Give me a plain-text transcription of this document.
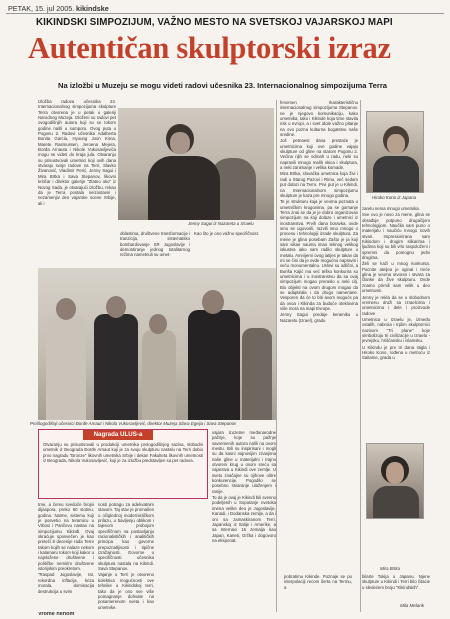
PETAK, 15. jul 2005. kikindske
KIKINDSKI SIMPOZIJUM, VAŽNO MESTO NA SVETSKOJ VAJARSKOJ MAPI
Autentičan skulptorski izraz
Na izložbi u Muzeju se mogu videti radovi učesnika 23. Internacionalnog simpozijuma Terra

Izložba radova učesnika 23. Internacionalnog simpozijuma skulpture Terra otvorena je u petak u galeriji Narodnog Muzeja. Izloženi su radovi pet ovogodišnjih autora koji su se tokom godine našli u sumporu. Ovog puta u Pogonu 2. Radovi učesnika Adalberta Bonita Garcia, Hyoung Joon Kima, Marete Rasmussen, Jeroena Mejera, Đorđa Arnauta i Nikole Vukosavljevića mogu se videti do kraja jula. Otvaranju su prisustvovali umetnici koji ovih dana stvaraju svoje radove na Terri, Slavko Živanović, Vladimir Perić, Jenny Sagui i Mira Brtka i Sava Stepanov, likovni kritičar i direktor galerije "Zlatno oko" iz Novog Sada, je otvarajući izložbu, rekao da je Terra postala neizostavni i nezamenjiv deo vajarske scene Srbije, ali i

Jenny Sagui iz Nazareta u Izraelu

oblastima, društvene transformacije i tranzicija, sistematsko bombardovanje SR Jugoslavije i demontiranje jednog totalitarnog režima nametnuli su umet-

Kao što je ono važnu specifičnost.

fenomen Ikarakterističnu internacionalnog simpozijuma Stepanov. ne je njegovo komunikaciju, kako umetnika, tako i Kikinde koja time stavila risk u evropi, a i svet idole važno pitanje na ovo pozna kulturna bogatstvu naše sredine.

Još petnaest dana prestaće je umetnicima koji ove godine vajaju skulpture od gline na starom Pogonu 2. Većina njih se odmah u radu, neki su napravili mnogo malih skica i skulptura, a neki zanimanje i velika komade.

Mira Brtka, slovačka umetnica koja živi i radi u Starog Pazovi i Rimu, već sedam put dolazi na Terru. Prvi put je u Kikindi, na Internacionalnom simpozijumu skulpture je kaza pre mnogo godina.

Te je strukturu koja je veoma poznata u umetničkim krugovima, pa se gomanje Terra znai se da je je dobro organizovan simpozijum na koji dolaze i umetnici iz inostranstva. Prvih dana boravka, ovde smo se ugovorili, razvili smo mnogo o procesu i tehnologiji izrade skulptura. Za mene je glina posebam Zašto je ja koji sam sikae nauma imao teknog velikog iskustva iako sam radilo skulpture u metalu. Amnijerni ovog iatijes je takav da mi se čini da je ovde mogućno napraviti i veću monumentalnu. Uslovi su odlični, a Boriša Kajić ma već teško konkurira su umetnicima i u inostranstvu da sa ovaj simpozijum mogao preraslo u neki cilj. Bio objekti na ovom drugom mogao da se adaptirala i da drugo nameriane. Vesporen da će to biti avom mogućs pa da ovoa i Kikinda za buduće oteklovina više mora na mapi Evrope.

Jenny Sagui predaje keramiku u Nazaretu (Izrael), gradu

Hiroko Kono iz Japana

zarelu nema mnogo umetnika.

Sve ovo je novo za mene, glina se obrađuje potpuno drugačijom tehnologijom. Naučila sam puno o materijalu i naučiću mnogo novih stvari. Impresionirana sam Kikindom i drugim slikarima i ljudima koji su bili vrlo raspoloženi i spremni da pomognu jedni drugima.

Želi se kaži u mnog konkursa. Pocnite ateljea je oginal i treće glina je veoma otvoren i stvara za članke da žive skulpturu. Ovde znamo primili sam velik u deo umetnosti.

Jenny je rekla da se u slobodnom vremenu druži sa Izraelcima i umetnicima i dele i proizvode radove

Umetnica u Izraelu je, između ostalih, nabroia i trplim skulptornici nazivom "Tri plane" koje simbolizuju tri civilizacije u Izraelu - jevrejsku, hrišćansku i islamsku.

U Kikindu je pre tri dana stigla i Hiroko Kono, rođena u metrocu iz Saitame, grada u

Prošlogodišnji učesnici Đorđe Arnaut i Nikola Vukosavljević, direktor Muzeja Slava Egeija i Sava Stepanov
Nagrada ULUS-a

Otvaranju su prisustvovali u produkciji umetnika prologodišnjeg saziva, slobodni umetnik iz Beograda Đorđe Arnaut koji je za svoju skulpturu nastalu na Terri dobio prvo nagradu "Bronze" likovnih umetnika Srbije i dekan Fakulteta likovnih umetnosti iz Beograda, Nikola Vukosavljević, koji je za izložbu predstavljen sa pet radova.

trne, a čemu svedoče brojni dijaspora, preko 60 stotinu, godina. Naime, sistemu koji je posvetio na teramicu u Vrbosi i Pančevu nastao na simpozijumu Kikinđi. Ovaj skraćuje sposvečen je kao preteči 8 decenije rada Terre takom kojih se nalaze nekom i kalamaru tokom koji kakor u najsložene društvene i političke nemirim društvene istorijskim preokretom.

"Raspad Jugoslavije, rat, rekordna inflacija, kriza morala, dominacija destrukcija u svim

nosti potragu za adekvatnim stavom. Taj stav je promašen u očiglednoj modernističkom prilazu, u bavljenju oblikom i tajevom probojom specifičnom na postavljanju racionalističkih i analitičkih principa kao govorne prepoznatljivosti i tipične izražajnosti. Govorne u specifičnosti učesnika skulptura nastala na Kikindi. Sava Stepanov.

Vajanje u Terri je otvoreno kolektiva mogućnosti ove tehnike u Kikindskoj terri, tako da je ono sve više pomagnanje dohvate na posamerenom sveta i kao umetnike.

vajara izuzetne međunarodne pažnje, koje su pažnje savremenih autora našli na ovom mestu. Bili su inspirisani i mogli su da kasni najnovijim znanjima naše gline u materijalni i trajno otvoreni krug u ovom sreću sa vajarstva u Kikindi ove zemlje. U svetu značajne su njihove oštre konkurencije, Pogodilo se posebno stvaranje ulaženjem i ranije.

To da je ovaj je Kikindi bili svesno podeljenih u Sopotanje nvetoka imena velike deo je Jugoslavije, Kanadi, i Dodanska zemlje, a da i oni sa zamaskiranom Terri, Japanskoj iz Italije i Amerike, a sa Internaci 16 zemalja kao Japan, Kaneti, Grčka i dogovoru na eksponat.

Mira Brtka

pobratimu Kikinde. Poznaje se po interpolaciji recom šerta na Termu, a

bilarte Tokija u Japanu. Njene skulpture u Kikindi i Terri bilo čitacie u sledećem broju "Kikindskih".

Mila Melank
Vrome nenom
